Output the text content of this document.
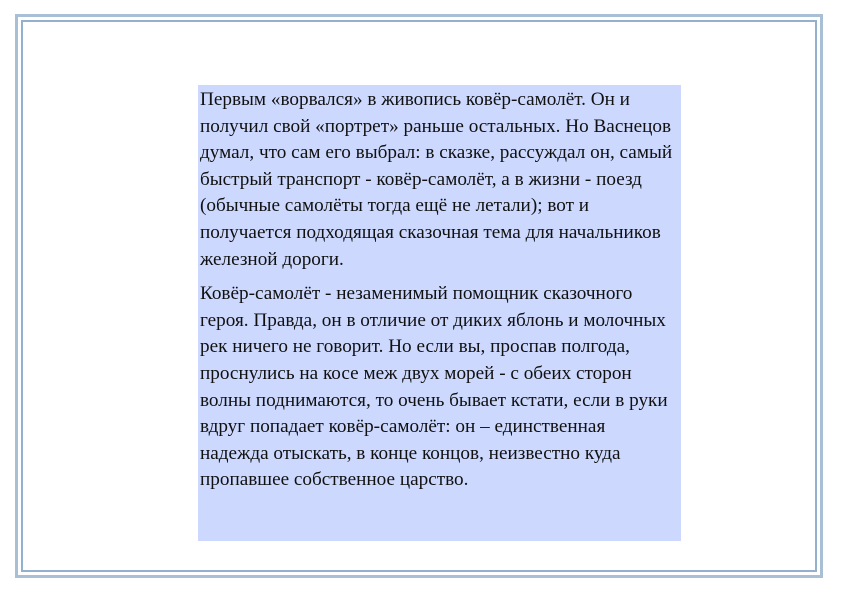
Первым «ворвался» в живопись ковёр-самолёт. Он и получил свой «портрет» раньше остальных. Но Васнецов думал, что сам его выбрал: в сказке, рассуждал он, самый быстрый транспорт - ковёр-самолёт, а в жизни - поезд (обычные самолёты тогда ещё не летали); вот и получается подходящая сказочная тема для начальников железной дороги.

Ковёр-самолёт - незаменимый помощник сказочного героя. Правда, он в отличие от диких яблонь и молочных рек ничего не говорит. Но если вы, проспав полгода, проснулись на косе меж двух морей - с обеих сторон волны поднимаются, то очень бывает кстати, если в руки вдруг попадает ковёр-самолёт: он – единственная надежда отыскать, в конце концов, неизвестно куда пропавшее собственное царство.
